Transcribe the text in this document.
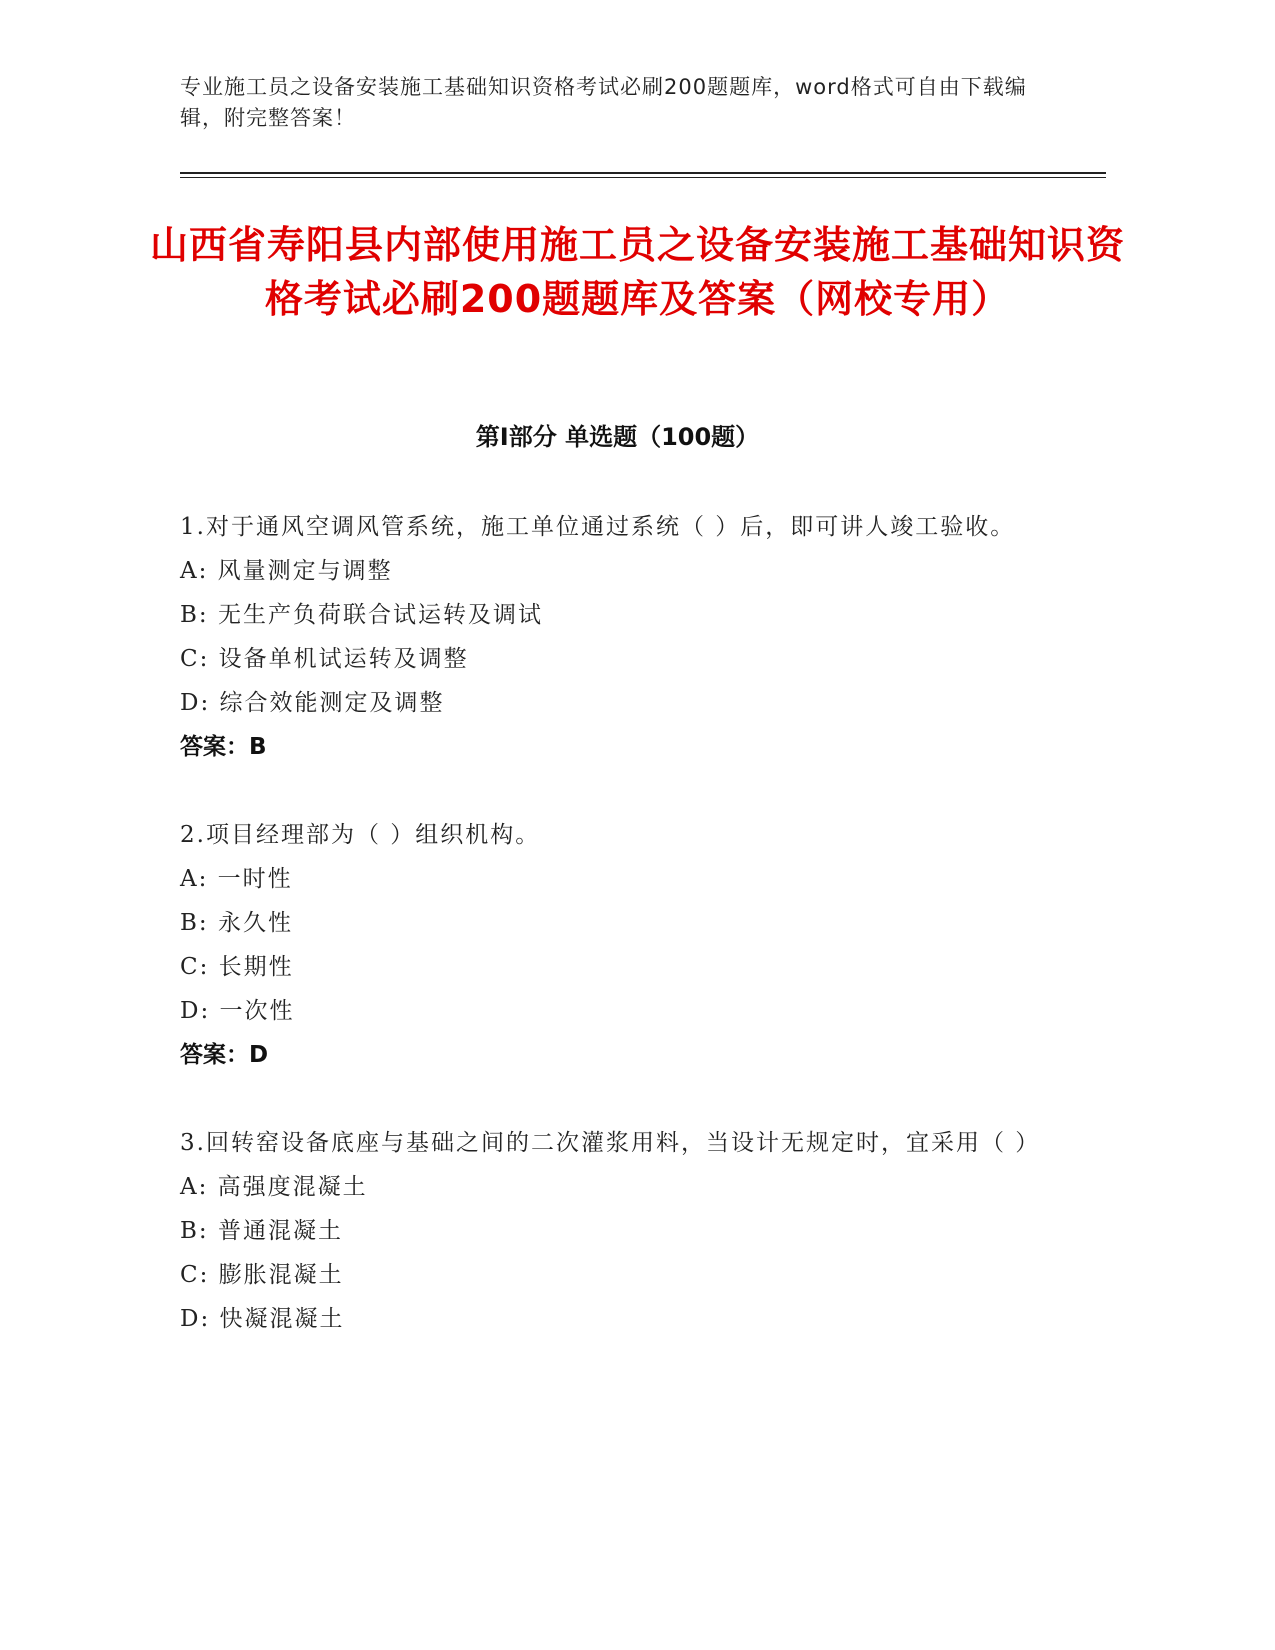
专业施工员之设备安装施工基础知识资格考试必刷200题题库，word格式可自由下载编辑，附完整答案！
山西省寿阳县内部使用施工员之设备安装施工基础知识资格考试必刷200题题库及答案（网校专用）
第I部分 单选题（100题）
1.对于通风空调风管系统，施工单位通过系统（ ）后，即可讲人竣工验收。
A: 风量测定与调整
B: 无生产负荷联合试运转及调试
C: 设备单机试运转及调整
D: 综合效能测定及调整
答案：B
2.项目经理部为（ ）组织机构。
A: 一时性
B: 永久性
C: 长期性
D: 一次性
答案：D
3.回转窑设备底座与基础之间的二次灌浆用料，当设计无规定时，宜采用（ ）
A: 高强度混凝土
B: 普通混凝土
C: 膨胀混凝土
D: 快凝混凝土
